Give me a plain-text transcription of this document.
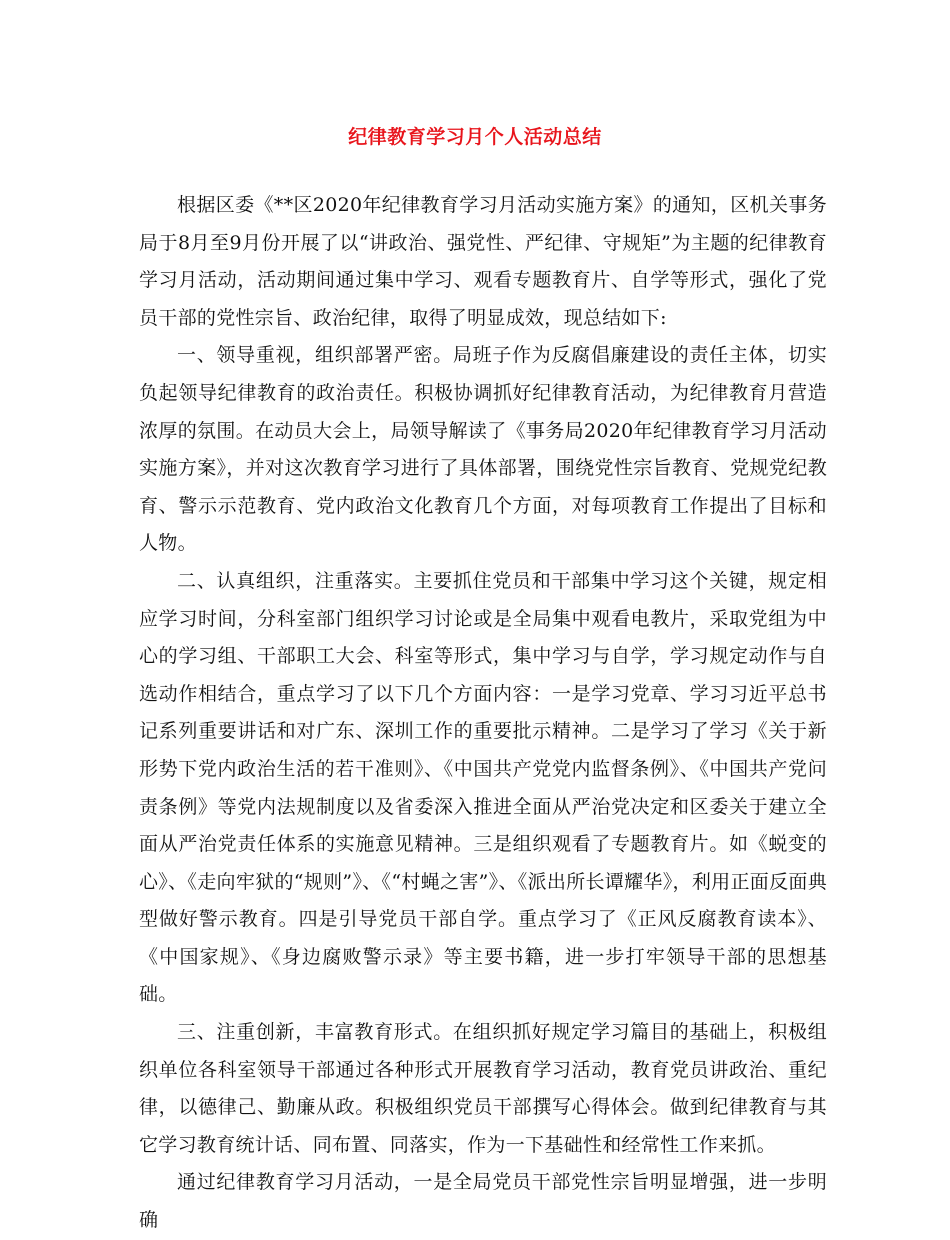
纪律教育学习月个人活动总结

根据区委《**区2020年纪律教育学习月活动实施方案》的通知，区机关事务局于8月至9月份开展了以“讲政治、强党性、严纪律、守规矩”为主题的纪律教育学习月活动，活动期间通过集中学习、观看专题教育片、自学等形式，强化了党员干部的党性宗旨、政治纪律，取得了明显成效，现总结如下:

一、领导重视，组织部署严密。局班子作为反腐倡廉建设的责任主体，切实负起领导纪律教育的政治责任。积极协调抓好纪律教育活动，为纪律教育月营造浓厚的氛围。在动员大会上，局领导解读了《事务局2020年纪律教育学习月活动实施方案》，并对这次教育学习进行了具体部署，围绕党性宗旨教育、党规党纪教育、警示示范教育、党内政治文化教育几个方面，对每项教育工作提出了目标和人物。

二、认真组织，注重落实。主要抓住党员和干部集中学习这个关键，规定相应学习时间，分科室部门组织学习讨论或是全局集中观看电教片，采取党组为中心的学习组、干部职工大会、科室等形式，集中学习与自学，学习规定动作与自选动作相结合，重点学习了以下几个方面内容：一是学习党章、学习习近平总书记系列重要讲话和对广东、深圳工作的重要批示精神。二是学习了学习《关于新形势下党内政治生活的若干准则》、《中国共产党党内监督条例》、《中国共产党问责条例》等党内法规制度以及省委深入推进全面从严治党决定和区委关于建立全面从严治党责任体系的实施意见精神。三是组织观看了专题教育片。如《蜕变的心》、《走向牢狱的“规则”》、《“村蝇之害”》、《派出所长谭耀华》，利用正面反面典型做好警示教育。四是引导党员干部自学。重点学习了《正风反腐教育读本》、《中国家规》、《身边腐败警示录》等主要书籍，进一步打牢领导干部的思想基础。

三、注重创新，丰富教育形式。在组织抓好规定学习篇目的基础上，积极组织单位各科室领导干部通过各种形式开展教育学习活动，教育党员讲政治、重纪律，以德律己、勤廉从政。积极组织党员干部撰写心得体会。做到纪律教育与其它学习教育统计话、同布置、同落实，作为一下基础性和经常性工作来抓。

通过纪律教育学习月活动，一是全局党员干部党性宗旨明显增强，进一步明确
